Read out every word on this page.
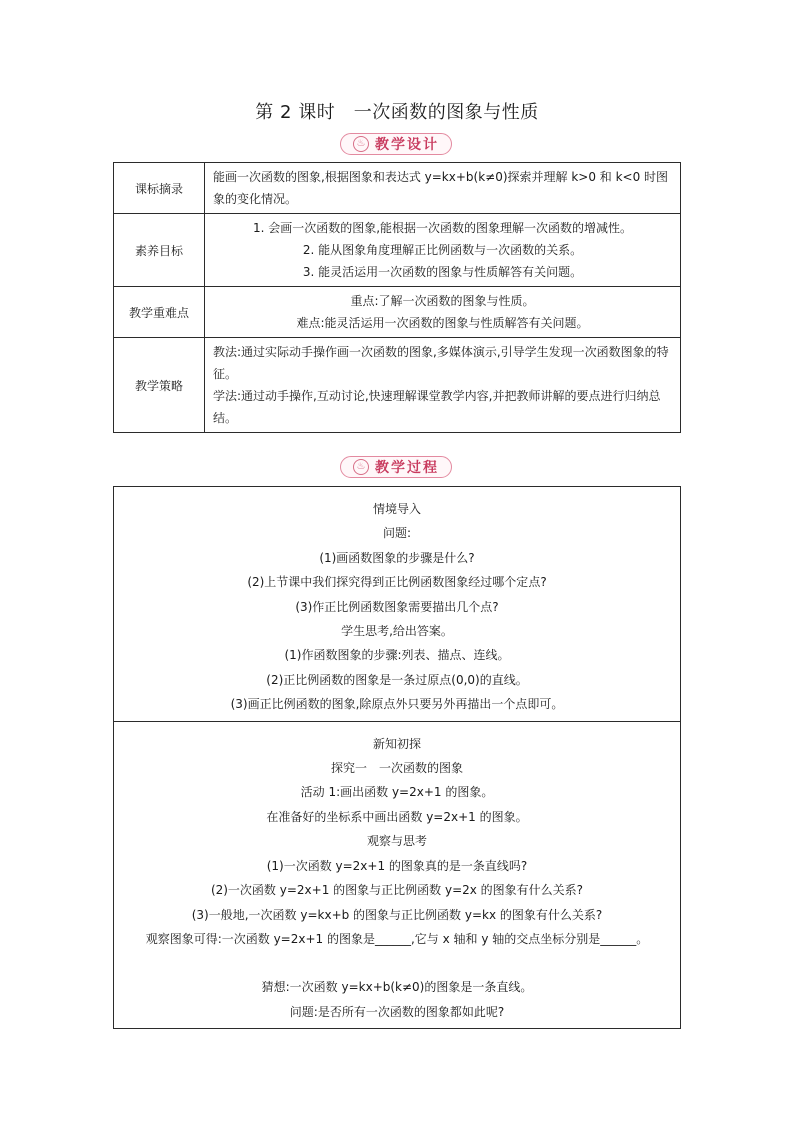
第 2 课时　一次函数的图象与性质
♨ 教学设计
课标摘录	能画一次函数的图象,根据图象和表达式 y=kx+b(k≠0)探索并理解 k>0 和 k<0 时图象的变化情况。

素养目标	1. 会画一次函数的图象,能根据一次函数的图象理解一次函数的增减性。
2. 能从图象角度理解正比例函数与一次函数的关系。
3. 能灵活运用一次函数的图象与性质解答有关问题。

教学重难点	重点:了解一次函数的图象与性质。
难点:能灵活运用一次函数的图象与性质解答有关问题。

教学策略	教法:通过实际动手操作画一次函数的图象,多媒体演示,引导学生发现一次函数图象的特征。
学法:通过动手操作,互动讨论,快速理解课堂教学内容,并把教师讲解的要点进行归纳总结。
♨ 教学过程
情境导入
问题:
(1)画函数图象的步骤是什么?
(2)上节课中我们探究得到正比例函数图象经过哪个定点?
(3)作正比例函数图象需要描出几个点?
学生思考,给出答案。
(1)作函数图象的步骤:列表、描点、连线。
(2)正比例函数的图象是一条过原点(0,0)的直线。
(3)画正比例函数的图象,除原点外只要另外再描出一个点即可。

新知初探
探究一　一次函数的图象
活动 1:画出函数 y=2x+1 的图象。
在准备好的坐标系中画出函数 y=2x+1 的图象。
观察与思考
(1)一次函数 y=2x+1 的图象真的是一条直线吗?
(2)一次函数 y=2x+1 的图象与正比例函数 y=2x 的图象有什么关系?
(3)一般地,一次函数 y=kx+b 的图象与正比例函数 y=kx 的图象有什么关系?
观察图象可得:一次函数 y=2x+1 的图象是______,它与 x 轴和 y 轴的交点坐标分别是______。
猜想:一次函数 y=kx+b(k≠0)的图象是一条直线。
问题:是否所有一次函数的图象都如此呢?
